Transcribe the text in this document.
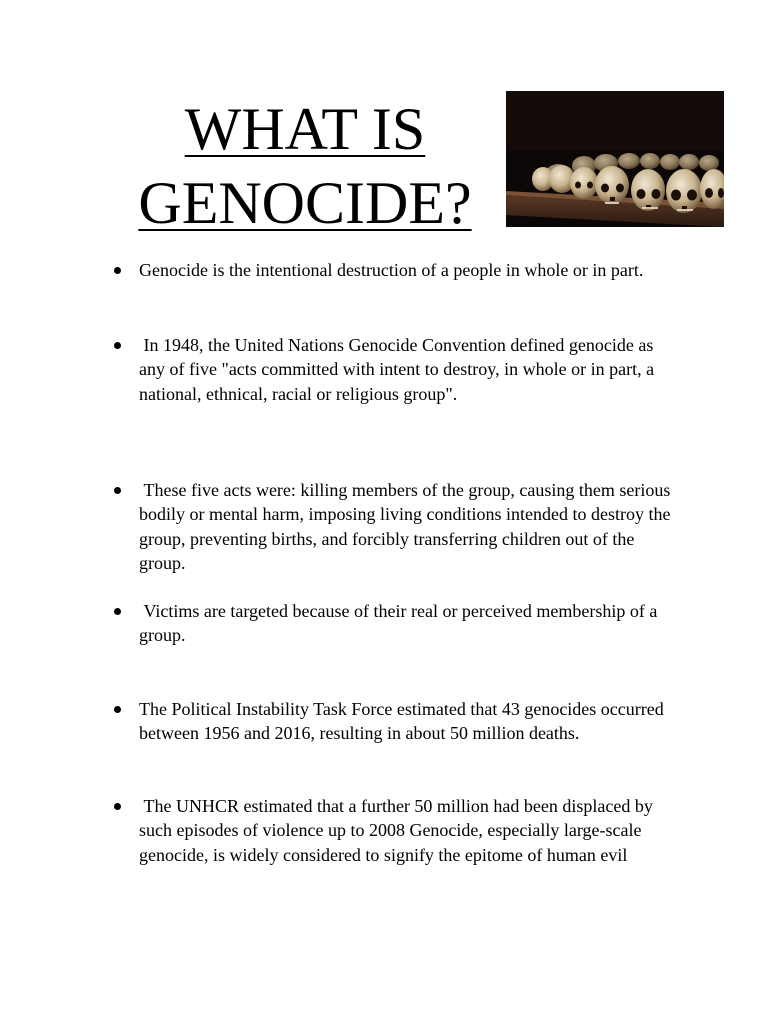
WHAT IS
GENOCIDE?
Genocide is the intentional destruction of a people in whole or in part.
In 1948, the United Nations Genocide Convention defined genocide as any of five "acts committed with intent to destroy, in whole or in part, a national, ethnical, racial or religious group".
These five acts were: killing members of the group, causing them serious bodily or mental harm, imposing living conditions intended to destroy the group, preventing births, and forcibly transferring children out of the group.
Victims are targeted because of their real or perceived membership of a group.
The Political Instability Task Force estimated that 43 genocides occurred between 1956 and 2016, resulting in about 50 million deaths.
The UNHCR estimated that a further 50 million had been displaced by such episodes of violence up to 2008 Genocide, especially large-scale genocide, is widely considered to signify the epitome of human evil
